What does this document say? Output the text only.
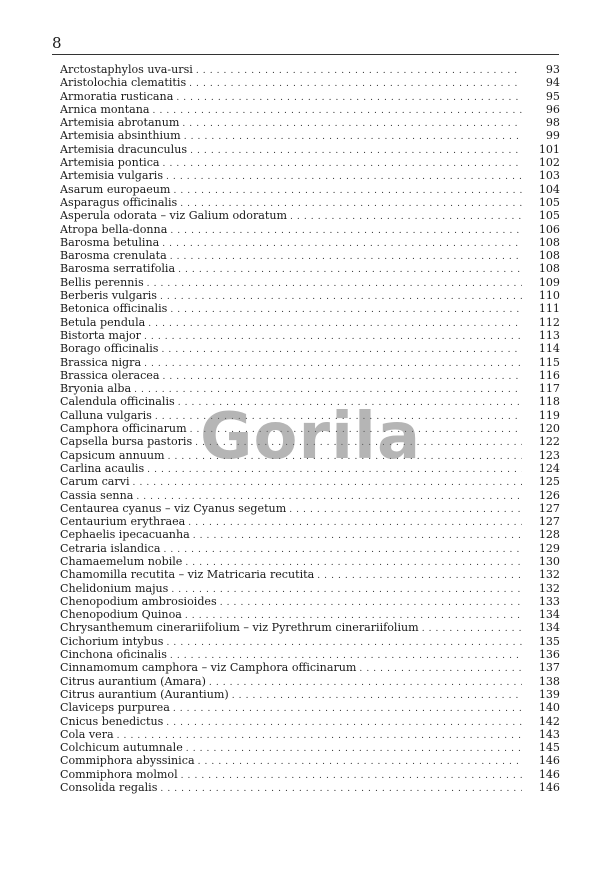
8
Arctostaphylos uva-ursi . . .	93
Aristolochia clematitis . . .	94
Armoratia rusticana . . .	95
Arnica montana . . .	96
Artemisia abrotanum . . .	98
Artemisia absinthium . . .	99
Artemisia dracunculus . . .	101
Artemisia pontica . . .	102
Artemisia vulgaris . . .	103
Asarum europaeum . . .	104
Asparagus officinalis . . .	105
Asperula odorata – viz Galium odoratum . . .	105
Atropa bella-donna . . .	106
Barosma betulina . . .	108
Barosma crenulata . . .	108
Barosma serratifolia . . .	108
Bellis perennis . . .	109
Berberis vulgaris . . .	110
Betonica officinalis . . .	111
Betula pendula . . .	112
Bistorta major . . .	113
Borago officinalis . . .	114
Brassica nigra . . .	115
Brassica oleracea . . .	116
Bryonia alba . . .	117
Calendula officinalis . . .	118
Calluna vulgaris . . .	119
Camphora officinarum . . .	120
Capsella bursa pastoris . . .	122
Capsicum annuum . . .	123
Carlina acaulis . . .	124
Carum carvi . . .	125
Cassia senna . . .	126
Centaurea cyanus – viz Cyanus segetum . . .	127
Centaurium erythraea . . .	127
Cephaelis ipecacuanha . . .	128
Cetraria islandica . . .	129
Chamaemelum nobile . . .	130
Chamomilla recutita – viz Matricaria recutita . . .	132
Chelidonium majus . . .	132
Chenopodium ambrosioides . . .	133
Chenopodium Quinoa . . .	134
Chrysanthemum cinerariifolium – viz Pyrethrum cinerariifolium . . .	134
Cichorium intybus . . .	135
Cinchona oficinalis . . .	136
Cinnamomum camphora – viz Camphora officinarum . . .	137
Citrus aurantium (Amara) . . .	138
Citrus aurantium (Aurantium) . . .	139
Claviceps purpurea . . .	140
Cnicus benedictus . . .	142
Cola vera . . .	143
Colchicum autumnale . . .	145
Commiphora abyssinica . . .	146
Commiphora molmol . . .	146
Consolida regalis . . .	146
Gorila
